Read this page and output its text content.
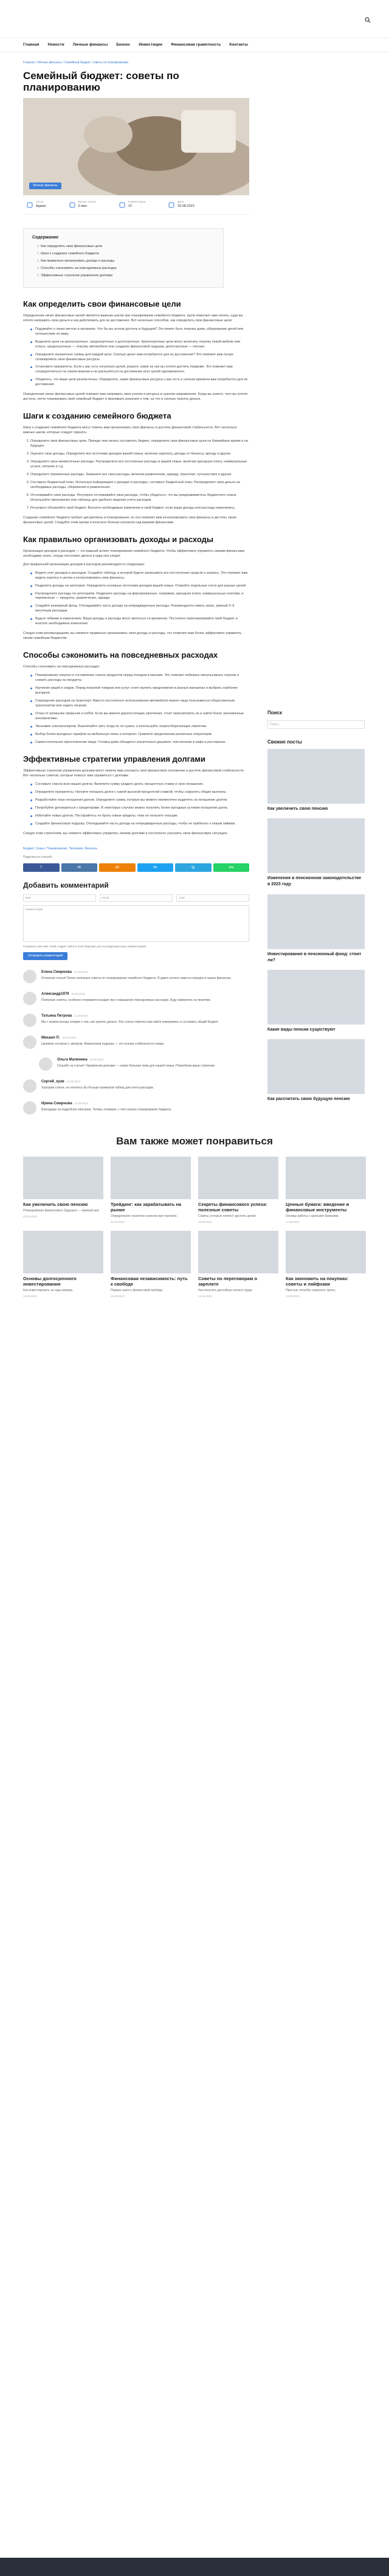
Главная Новости Личные финансы Бизнес Инвестиции Финансовая грамотность Контакты
Главная / Личные финансы / Семейный бюджет: советы по планированию
Семейный бюджет: советы по планированию
Личные финансы
Автор
Админ
Время чтения
6 мин
Комментарии
10
Дата
20.08.2023
Содержание
1. Как определить свои финансовые цели
1. Шаги к созданию семейного бюджета
1. Как правильно организовать доходы и расходы
1. Способы сэкономить на повседневных расходах
1. Эффективные стратегии управления долгами
Как определить свои финансовые цели

Определение своих финансовых целей является важным шагом при планировании семейного бюджета. Цели помогают вам понять, куда вы хотите направить свои деньги и как действовать для их достижения. Вот несколько способов, как определить свои финансовые цели:

Подумайте о своих мечтах и желаниях. Что бы вы хотели достичь в будущем? Это может быть покупка дома, образование детей или путешествие по миру.
Выделите цели на краткосрочные, среднесрочные и долгосрочные. Краткосрочные цели могут включать покупку новой мебели или отпуск, среднесрочные — покупку автомобиля или создание финансовой подушки, долгосрочные — пенсию.
Определите конкретные суммы для каждой цели. Сколько денег вам потребуется для их достижения? Это поможет вам лучше спланировать свои финансовые ресурсы.
Установите приоритеты. Если у вас есть несколько целей, решите, какие из них вы хотите достичь первыми. Это поможет вам сосредоточиться на самом важном и не распыляться на достижение всех целей одновременно.
Убедитесь, что ваши цели реалистичны. Определите, какие финансовые ресурсы у вас есть и сколько времени вам потребуется для их достижения.

Определение своих финансовых целей поможет вам направить свои усилия и ресурсы в нужном направлении. Когда вы знаете, чего вы хотите достичь, легче планировать свой семейный бюджет и принимать решения о том, на что и сколько тратить деньги.

Шаги к созданию семейного бюджета

Шаги к созданию семейного бюджета могут помочь вам организовать свои финансы и достичь финансовой стабильности. Вот несколько важных шагов, которые следует принять:

1. Определите свои финансовые цели. Прежде чем начать составлять бюджет, определите свои финансовые цели на ближайшее время и на будущее.
2. Оцените свои доходы. Определите все источники доходов вашей семьи, включая зарплату, доходы от бизнеса, аренду и другие.
3. Определите свои ежемесячные расходы. Распределите все постоянные расходы в вашей семье, включая арендную плату, коммунальные услуги, питание и т.д.
4. Определите переменные расходы. Запишите все свои расходы, включая развлечения, одежду, транспорт, путешествия и другие.
5. Составьте бюджетный план. Используя информацию о доходах и расходах, составьте бюджетный план. Распределите свои деньги на необходимые расходы, сбережения и развлечения.
6. Отслеживайте свои расходы. Регулярно отслеживайте свои расходы, чтобы убедиться, что вы придерживаетесь бюджетного плана. Используйте приложения или таблицы для удобного ведения учета расходов.
7. Регулярно обновляйте свой бюджет. Вносите необходимые изменения в свой бюджет, если ваши доходы или расходы изменились.

Создание семейного бюджета требует дисциплины и планирования, но оно поможет вам контролировать свои финансы и достичь своих финансовых целей. Следуйте этим шагам и получите больше контроля над вашими финансами.

Как правильно организовать доходы и расходы

Организация доходов и расходов — это важный аспект планирования семейного бюджета. Чтобы эффективно управлять своими финансами, необходимо знать, откуда поступают деньги и куда они уходят.

Для правильной организации доходов и расходов рекомендуется следующее:

Ведите учет доходов и расходов. Создайте таблицу, в которой будете записывать все поступления средств и затраты. Это поможет вам видеть картину в целом и контролировать свои финансы.
Разделите доходы на категории. Определите основные источники доходов вашей семьи. Откройте отдельные счета для разных целей.
Распределите расходы по категориям. Разделите расходы на фиксированные, например, арендная плата, коммунальные платежи, и переменные — продукты, развлечения, одежда.
Создайте резервный фонд. Откладывайте часть дохода на непредвиденные расходы. Рекомендуется иметь запас, равный 3–6 месячным расходам.
Будьте гибкими в изменениях. Ваши доходы и расходы могут меняться со временем. Постоянно пересматривайте свой бюджет и вносите необходимые изменения.

Следуя этим рекомендациям, вы сможете правильно организовать свои доходы и расходы, что позволит вам более эффективно управлять своим семейным бюджетом.

Способы сэкономить на повседневных расходах

Способы сэкономить на повседневных расходах:

Планирование покупок и составление списка продуктов перед походом в магазин. Это поможет избежать импульсивных покупок и снизить расходы на продукты.
Изучение акций и скидок. Перед покупкой товаров или услуг стоит изучить предложения в разных магазинах и выбрать наиболее выгодное.
Сокращение расходов на транспорт. Вместо постоянного использования автомобиля можно чаще пользоваться общественным транспортом или ходить пешком.
Отказ от излишних привычек и хобби. Если вы имеете дорогостоящие увлечения, стоит пересмотреть их и найти более экономичные альтернативы.
Экономия электроэнергии. Выключайте свет, когда он не нужен, и используйте энергосберегающие лампочки.
Выбор более выгодных тарифов на мобильную связь и интернет. Сравните предложения различных операторов.
Самостоятельное приготовление пищи. Готовка дома обходится значительно дешевле, чем питание в кафе и ресторанах.
Эффективные стратегии управления долгами

Эффективные стратегии управления долгами могут помочь вам улучшить свое финансовое положение и достичь финансовой стабильности. Вот несколько советов, которые помогут вам справиться с долгами:

Составьте список всех ваших долгов. Включите сумму каждого долга, процентную ставку и срок погашения.
Определите приоритеты. Начните погашать долги с самой высокой процентной ставкой, чтобы сократить общие выплаты.
Разработайте план погашения долгов. Определите сумму, которую вы можете ежемесячно выделять на погашение долгов.
Попробуйте договориться с кредиторами. В некоторых случаях можно получить более выгодные условия погашения долга.
Избегайте новых долгов. Постарайтесь не брать новые кредиты, пока не погасите текущие.
Создайте финансовую подушку. Откладывайте часть дохода на непредвиденные расходы, чтобы не прибегать к новым займам.

Следуя этим стратегиям, вы сможете эффективно управлять своими долгами и постепенно улучшить свою финансовую ситуацию.

Бюджет, Семья, Планирование, Экономия, Финансы
Поделиться статьей:
f	vk	ok	tw	tg	wa
Добавить комментарий
Имя	Email	Сайт
Комментарий
Сохранить моё имя, email и адрес сайта в этом браузере для последующих моих комментариев.
Отправить комментарий
Елена Смирнова 20.08.2023
Отличная статья! Очень полезные советы по планированию семейного бюджета. Я давно хотела навести порядок в наших финансах.
Александр1979 20.08.2023
Полезные советы, особенно понравился раздел про сокращение повседневных расходов. Буду применять на практике.
Татьяна Петрова 21.08.2023
Мы с мужем всегда спорим о том, как тратить деньги. Эта статья помогла нам найти компромисс и составить общий бюджет.
Михаил П. 21.08.2023
Целиком согласен с автором. Финансовая подушка — это основа стабильности семьи.
Ольга Малинина 22.08.2023
Спасибо за статью! Управление долгами — самая больная тема для нашей семьи. Попробуем ваши стратегии.
Сергей_кузм 22.08.2023
Хорошая статья, но хотелось бы больше примеров таблиц для учета расходов.
Ирина Смирнова 23.08.2023
Благодарю за подробное описание. Теперь понимаю, с чего начать планирование бюджета.
Поиск
Поиск...
Свежие посты
Как увеличить свою пенсию
Изменения в пенсионном законодательстве в 2023 году
Инвестирование в пенсионный фонд: стоит ли?
Какие виды пенсии существуют
Как рассчитать свою будущую пенсию
Вам также может понравиться
Как увеличить свою пенсию
Планирование финансового будущего — важный шаг.
20.08.2023
Трейдинг: как зарабатывать на рынке
Определение стратегии и рисков при торговле.
19.08.2023
Секреты финансового успеха: полезные советы
Советы, которые помогут достичь целей.
18.08.2023
Ценные бумаги: введение в финансовые инструменты
Основы работы с ценными бумагами.
17.08.2023
Основы долгосрочного инвестирования
Как инвестировать на годы вперед.
16.08.2023
Финансовая независимость: путь к свободе
Первые шаги к финансовой свободе.
15.08.2023
Советы по переговорам о зарплате
Как получить достойную оплату труда.
14.08.2023
Как экономить на покупках: советы и лайфхаки
Простые способы сократить траты.
13.08.2023
